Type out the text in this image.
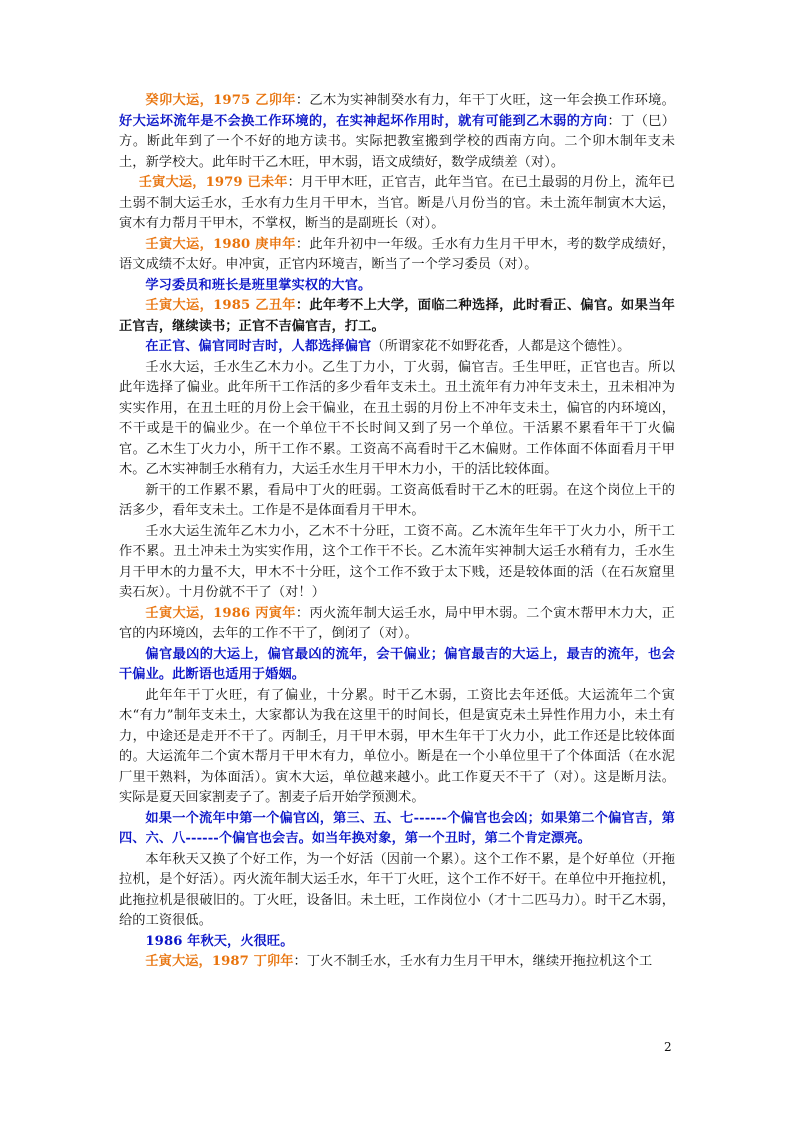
癸卯大运，1975 乙卯年：乙木为实神制癸水有力，年干丁火旺，这一年会换工作环境。好大运坏流年是不会换工作环境的，在实神起坏作用时，就有可能到乙木弱的方向：丁（巳）方。断此年到了一个不好的地方读书。实际把教室搬到学校的西南方向。二个卯木制年支未土，新学校大。此年时干乙木旺，甲木弱，语文成绩好，数学成绩差（对）。

壬寅大运，1979 已未年：月干甲木旺，正官吉，此年当官。在已土最弱的月份上，流年已土弱不制大运壬水，壬水有力生月干甲木，当官。断是八月份当的官。未土流年制寅木大运，寅木有力帮月干甲木，不掌权，断当的是副班长（对）。

壬寅大运，1980 庚申年：此年升初中一年级。壬水有力生月干甲木，考的数学成绩好，语文成绩不太好。申冲寅，正官内环境吉，断当了一个学习委员（对）。

学习委员和班长是班里掌实权的大官。

壬寅大运，1985 乙丑年：此年考不上大学，面临二种选择，此时看正、偏官。如果当年正官吉，继续读书；正官不吉偏官吉，打工。

在正官、偏官同时吉时，人都选择偏官（所谓家花不如野花香，人都是这个德性）。

壬水大运，壬水生乙木力小。乙生丁力小，丁火弱，偏官吉。壬生甲旺，正官也吉。所以此年选择了偏业。此年所干工作活的多少看年支未土。丑土流年有力冲年支未土，丑未相冲为实实作用，在丑土旺的月份上会干偏业，在丑土弱的月份上不冲年支未土，偏官的内环境凶，不干或是干的偏业少。在一个单位干不长时间又到了另一个单位。干活累不累看年干丁火偏官。乙木生丁火力小，所干工作不累。工资高不高看时干乙木偏财。工作体面不体面看月干甲木。乙木实神制壬水稍有力，大运壬水生月干甲木力小，干的活比较体面。

新干的工作累不累，看局中丁火的旺弱。工资高低看时干乙木的旺弱。在这个岗位上干的活多少，看年支未土。工作是不是体面看月干甲木。

壬水大运生流年乙木力小，乙木不十分旺，工资不高。乙木流年生年干丁火力小，所干工作不累。丑土冲未土为实实作用，这个工作干不长。乙木流年实神制大运壬水稍有力，壬水生月干甲木的力量不大，甲木不十分旺，这个工作不致于太下贱，还是较体面的活（在石灰窟里卖石灰）。十月份就不干了（对！）

壬寅大运，1986 丙寅年：丙火流年制大运壬水，局中甲木弱。二个寅木帮甲木力大，正官的内环境凶，去年的工作不干了，倒闭了（对）。

偏官最凶的大运上，偏官最凶的流年，会干偏业；偏官最吉的大运上，最吉的流年，也会干偏业。此断语也适用于婚姻。

此年年干丁火旺，有了偏业，十分累。时干乙木弱，工资比去年还低。大运流年二个寅木“有力”制年支未土，大家都认为我在这里干的时间长，但是寅克未土异性作用力小，未土有力，中途还是走开不干了。丙制壬，月干甲木弱，甲木生年干丁火力小，此工作还是比较体面的。大运流年二个寅木帮月干甲木有力，单位小。断是在一个小单位里干了个体面活（在水泥厂里干熟料，为体面活）。寅木大运，单位越来越小。此工作夏天不干了（对）。这是断月法。实际是夏天回家割麦子了。割麦子后开始学预测术。

如果一个流年中第一个偏官凶，第三、五、七------个偏官也会凶；如果第二个偏官吉，第四、六、八------个偏官也会吉。如当年换对象，第一个丑时，第二个肯定漂亮。

本年秋天又换了个好工作，为一个好活（因前一个累）。这个工作不累，是个好单位（开拖拉机，是个好活）。丙火流年制大运壬水，年干丁火旺，这个工作不好干。在单位中开拖拉机，此拖拉机是很破旧的。丁火旺，设备旧。未土旺，工作岗位小（才十二匹马力）。时干乙木弱，给的工资很低。

1986 年秋天，火很旺。

壬寅大运，1987 丁卯年：丁火不制壬水，壬水有力生月干甲木，继续开拖拉机这个工

2
